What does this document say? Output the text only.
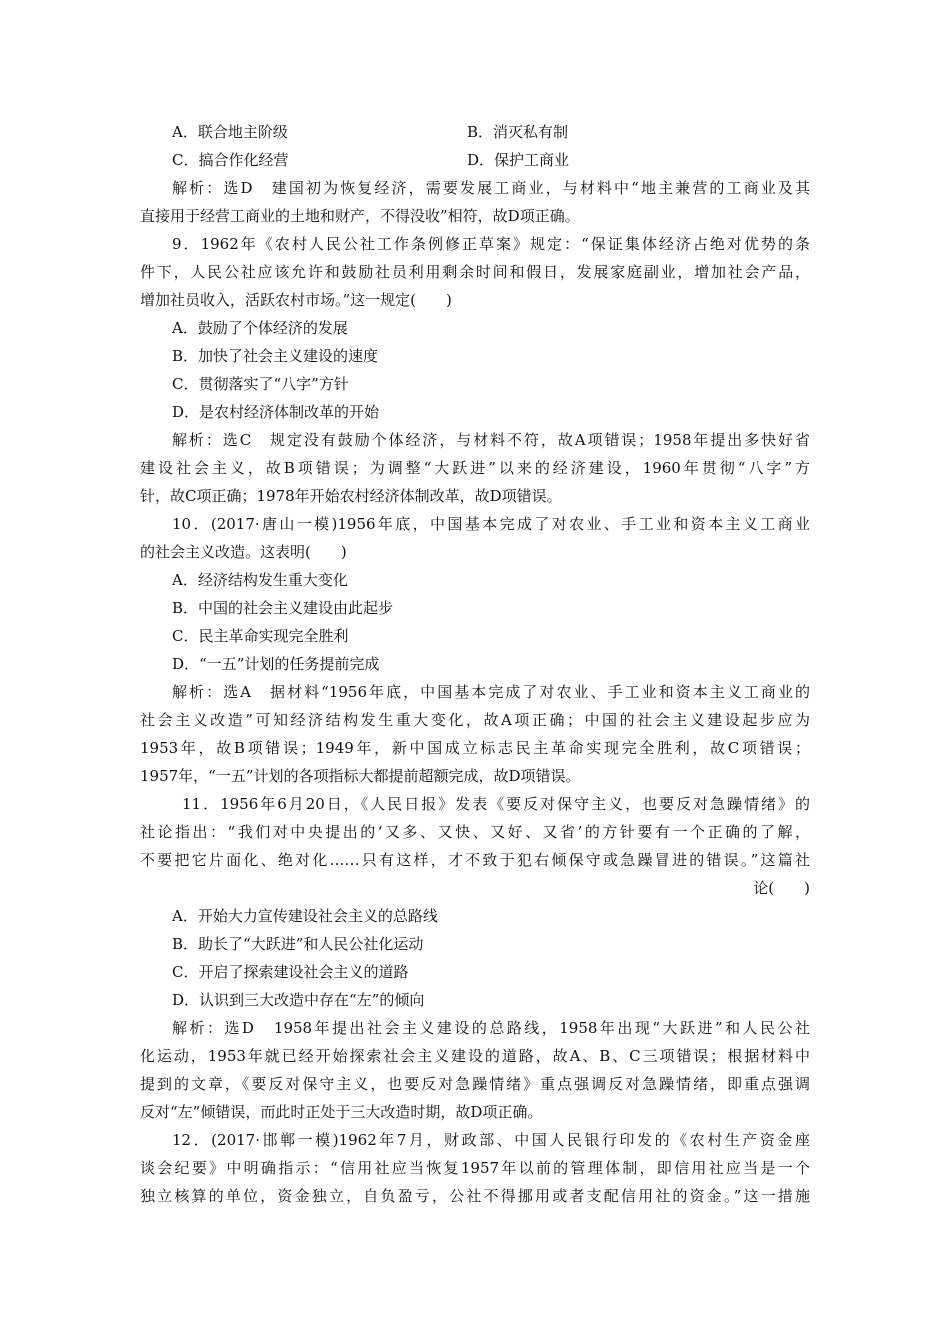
A．联合地主阶级	B．消灭私有制
C．搞合作化经营	D．保护工商业
解析：选D　建国初为恢复经济，需要发展工商业，与材料中“地主兼营的工商业及其
直接用于经营工商业的土地和财产，不得没收”相符，故D项正确。
9．1962年《农村人民公社工作条例修正草案》规定：“保证集体经济占绝对优势的条
件下，人民公社应该允许和鼓励社员利用剩余时间和假日，发展家庭副业，增加社会产品，
增加社员收入，活跃农村市场。”这一规定(　　)
A．鼓励了个体经济的发展
B．加快了社会主义建设的速度
C．贯彻落实了“八字”方针
D．是农村经济体制改革的开始
解析：选C　规定没有鼓励个体经济，与材料不符，故A项错误；1958年提出多快好省
建设社会主义，故B项错误；为调整“大跃进”以来的经济建设，1960年贯彻“八字”方
针，故C项正确；1978年开始农村经济体制改革，故D项错误。
10．(2017·唐山一模)1956年底，中国基本完成了对农业、手工业和资本主义工商业
的社会主义改造。这表明(　　)
A．经济结构发生重大变化
B．中国的社会主义建设由此起步
C．民主革命实现完全胜利
D．“一五”计划的任务提前完成
解析：选A　据材料“1956年底，中国基本完成了对农业、手工业和资本主义工商业的
社会主义改造”可知经济结构发生重大变化，故A项正确；中国的社会主义建设起步应为
1953年，故B项错误；1949年，新中国成立标志民主革命实现完全胜利，故C项错误；
1957年，“一五”计划的各项指标大都提前超额完成，故D项错误。
11．1956年6月20日，《人民日报》发表《要反对保守主义，也要反对急躁情绪》的
社论指出：“我们对中央提出的‘又多、又快、又好、又省’的方针要有一个正确的了解，
不要把它片面化、绝对化……只有这样，才不致于犯右倾保守或急躁冒进的错误。”这篇社
论(　　)
A．开始大力宣传建设社会主义的总路线
B．助长了“大跃进”和人民公社化运动
C．开启了探索建设社会主义的道路
D．认识到三大改造中存在“左”的倾向
解析：选D　1958年提出社会主义建设的总路线，1958年出现“大跃进”和人民公社
化运动，1953年就已经开始探索社会主义建设的道路，故A、B、C三项错误；根据材料中
提到的文章，《要反对保守主义，也要反对急躁情绪》重点强调反对急躁情绪，即重点强调
反对“左”倾错误，而此时正处于三大改造时期，故D项正确。
12．(2017·邯郸一模)1962年7月，财政部、中国人民银行印发的《农村生产资金座
谈会纪要》中明确指示：“信用社应当恢复1957年以前的管理体制，即信用社应当是一个
独立核算的单位，资金独立，自负盈亏，公社不得挪用或者支配信用社的资金。”这一措施
